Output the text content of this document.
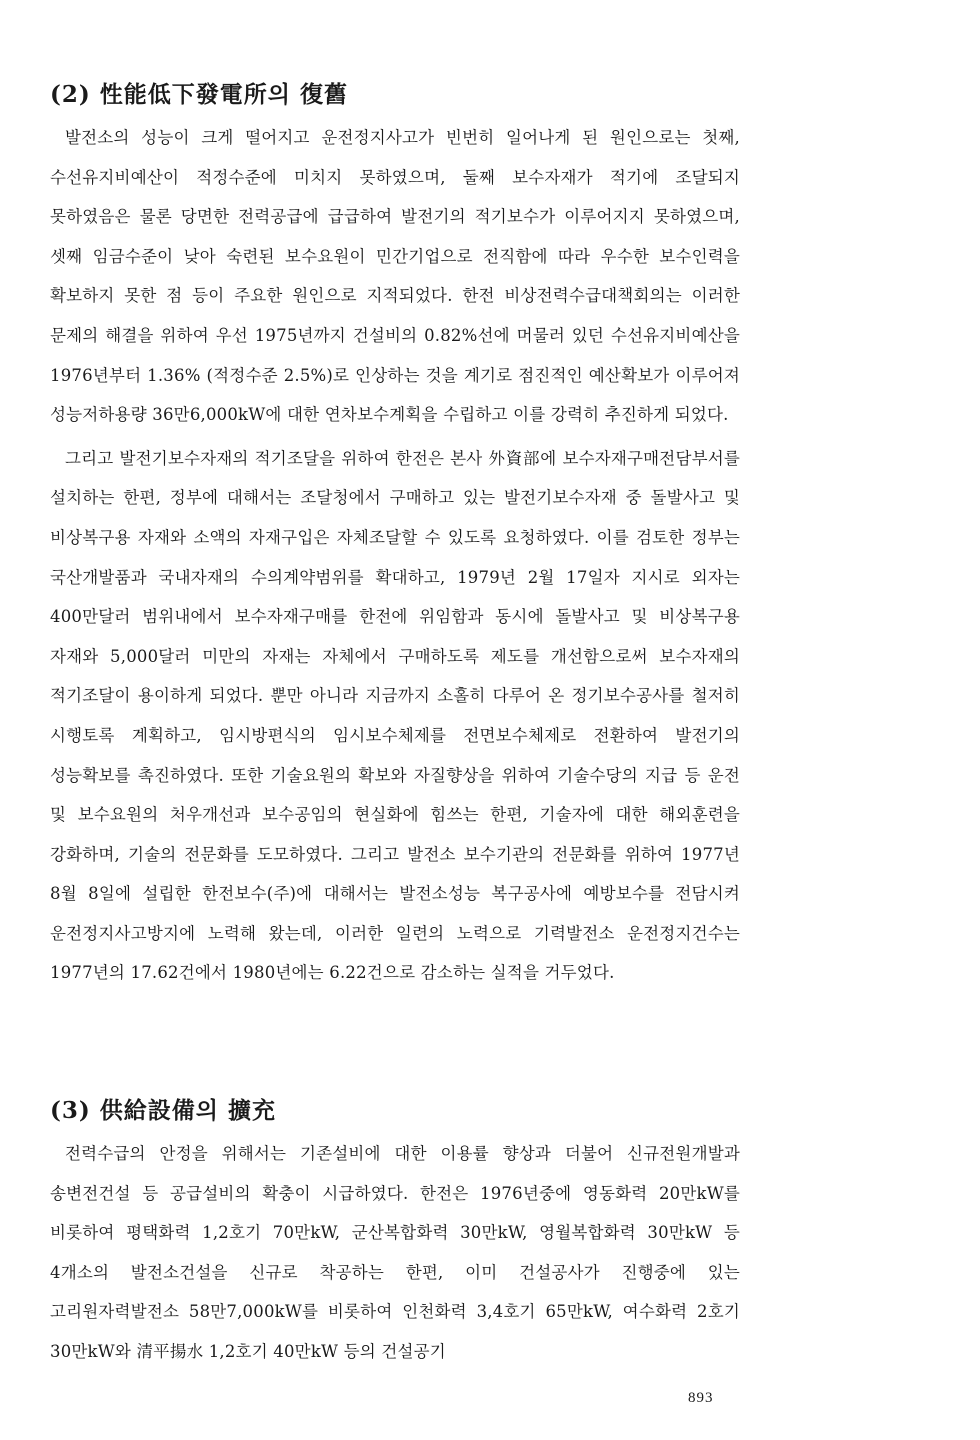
(2) 性能低下發電所의 復舊

발전소의 성능이 크게 떨어지고 운전정지사고가 빈번히 일어나게 된 원인으로는 첫째, 수선유지비예산이 적정수준에 미치지 못하였으며, 둘째 보수자재가 적기에 조달되지 못하였음은 물론 당면한 전력공급에 급급하여 발전기의 적기보수가 이루어지지 못하였으며, 셋째 임금수준이 낮아 숙련된 보수요원이 민간기업으로 전직함에 따라 우수한 보수인력을 확보하지 못한 점 등이 주요한 원인으로 지적되었다. 한전 비상전력수급대책회의는 이러한 문제의 해결을 위하여 우선 1975년까지 건설비의 0.82%선에 머물러 있던 수선유지비예산을 1976년부터 1.36% (적정수준 2.5%)로 인상하는 것을 계기로 점진적인 예산확보가 이루어져 성능저하용량 36만6,000kW에 대한 연차보수계획을 수립하고 이를 강력히 추진하게 되었다.

그리고 발전기보수자재의 적기조달을 위하여 한전은 본사 外資部에 보수자재구매전담부서를 설치하는 한편, 정부에 대해서는 조달청에서 구매하고 있는 발전기보수자재 중 돌발사고 및 비상복구용 자재와 소액의 자재구입은 자체조달할 수 있도록 요청하였다. 이를 검토한 정부는 국산개발품과 국내자재의 수의계약범위를 확대하고, 1979년 2월 17일자 지시로 외자는 400만달러 범위내에서 보수자재구매를 한전에 위임함과 동시에 돌발사고 및 비상복구용 자재와 5,000달러 미만의 자재는 자체에서 구매하도록 제도를 개선함으로써 보수자재의 적기조달이 용이하게 되었다. 뿐만 아니라 지금까지 소홀히 다루어 온 정기보수공사를 철저히 시행토록 계획하고, 임시방편식의 임시보수체제를 전면보수체제로 전환하여 발전기의 성능확보를 촉진하였다. 또한 기술요원의 확보와 자질향상을 위하여 기술수당의 지급 등 운전 및 보수요원의 처우개선과 보수공임의 현실화에 힘쓰는 한편, 기술자에 대한 해외훈련을 강화하며, 기술의 전문화를 도모하였다. 그리고 발전소 보수기관의 전문화를 위하여 1977년 8월 8일에 설립한 한전보수(주)에 대해서는 발전소성능 복구공사에 예방보수를 전담시켜 운전정지사고방지에 노력해 왔는데, 이러한 일련의 노력으로 기력발전소 운전정지건수는 1977년의 17.62건에서 1980년에는 6.22건으로 감소하는 실적을 거두었다.

(3) 供給設備의 擴充

전력수급의 안정을 위해서는 기존설비에 대한 이용률 향상과 더불어 신규전원개발과 송변전건설 등 공급설비의 확충이 시급하였다. 한전은 1976년중에 영동화력 20만kW를 비롯하여 평택화력 1,2호기 70만kW, 군산복합화력 30만kW, 영월복합화력 30만kW 등 4개소의 발전소건설을 신규로 착공하는 한편, 이미 건설공사가 진행중에 있는 고리원자력발전소 58만7,000kW를 비롯하여 인천화력 3,4호기 65만kW, 여수화력 2호기 30만kW와 清平揚水 1,2호기 40만kW 등의 건설공기

893
